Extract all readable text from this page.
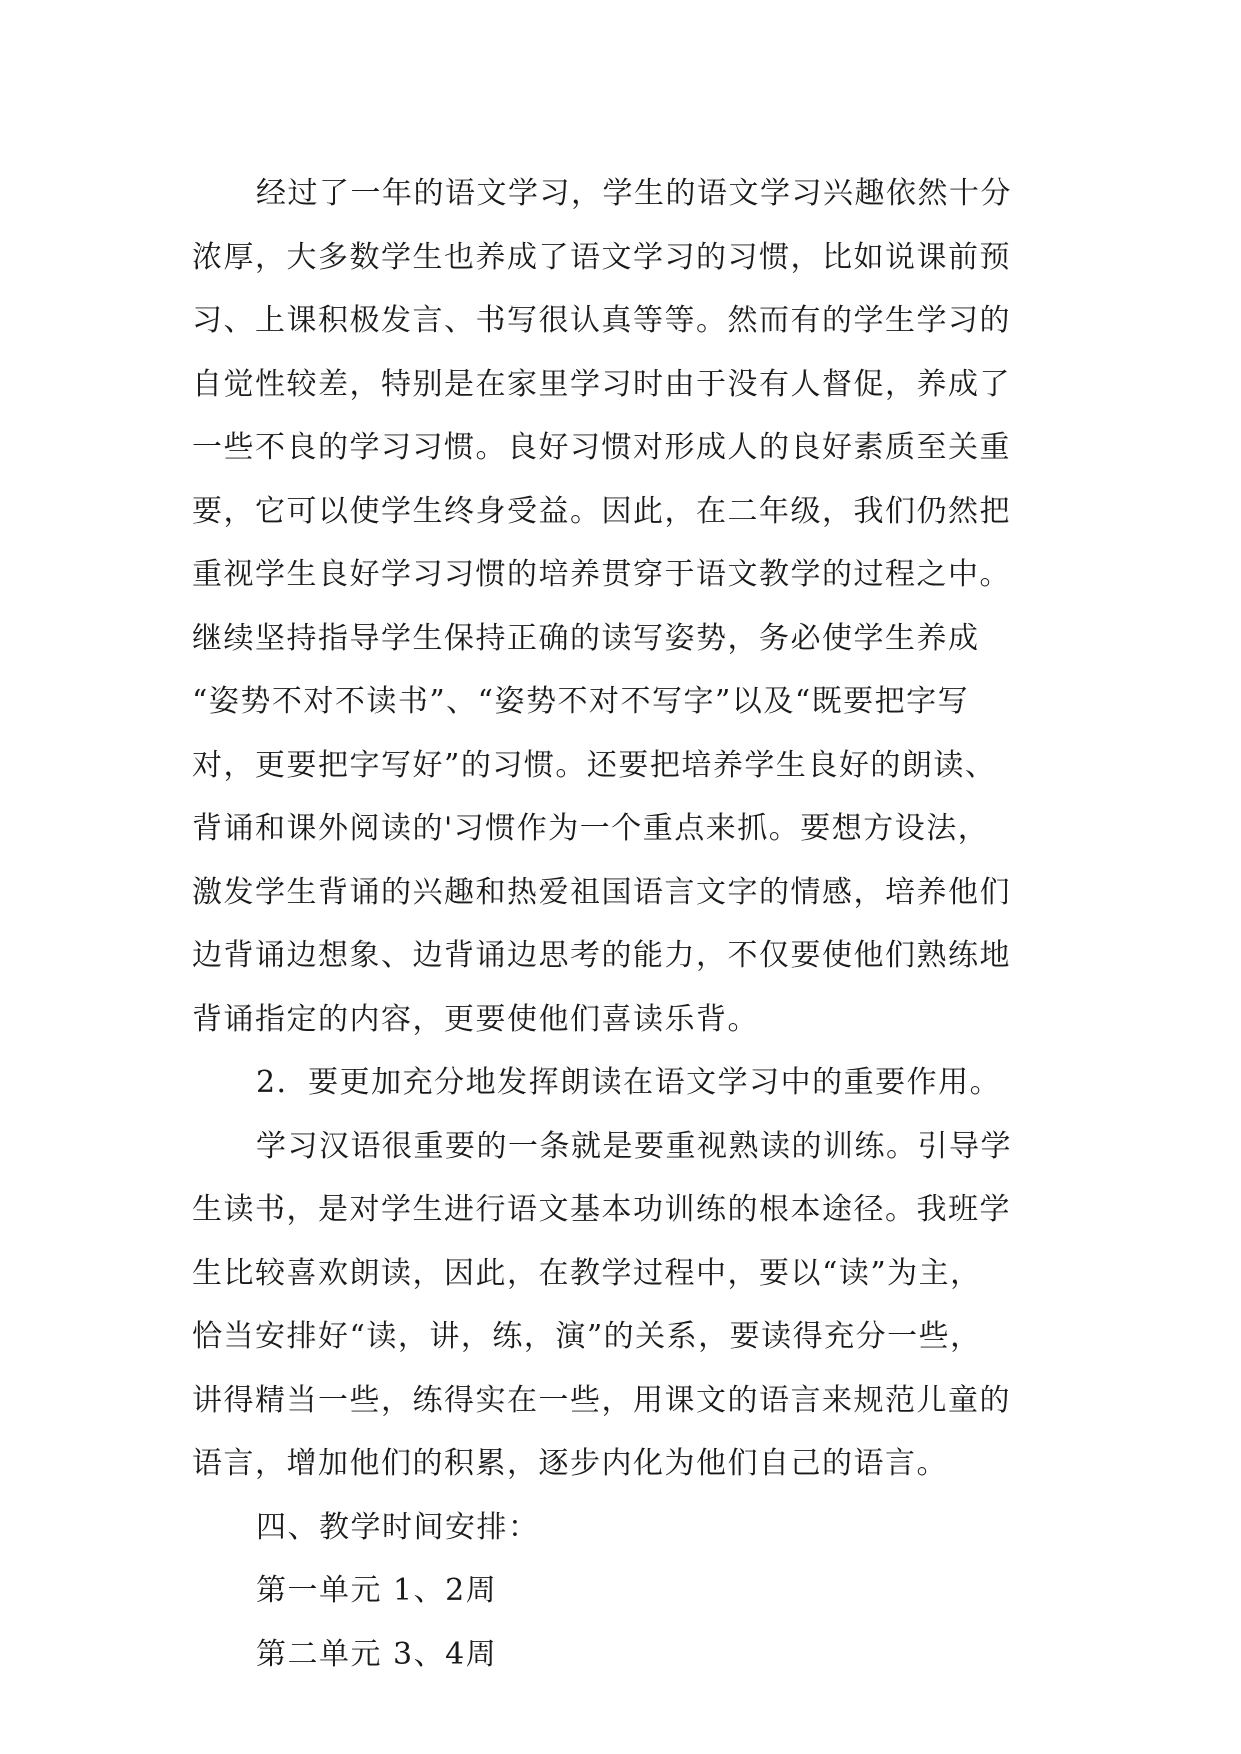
经过了一年的语文学习，学生的语文学习兴趣依然十分
浓厚，大多数学生也养成了语文学习的习惯，比如说课前预
习、上课积极发言、书写很认真等等。然而有的学生学习的
自觉性较差，特别是在家里学习时由于没有人督促，养成了
一些不良的学习习惯。良好习惯对形成人的良好素质至关重
要，它可以使学生终身受益。因此，在二年级，我们仍然把
重视学生良好学习习惯的培养贯穿于语文教学的过程之中。
继续坚持指导学生保持正确的读写姿势，务必使学生养成
“姿势不对不读书”、“姿势不对不写字”以及“既要把字写
对，更要把字写好”的习惯。还要把培养学生良好的朗读、
背诵和课外阅读的'习惯作为一个重点来抓。要想方设法，
激发学生背诵的兴趣和热爱祖国语言文字的情感，培养他们
边背诵边想象、边背诵边思考的能力，不仅要使他们熟练地
背诵指定的内容，更要使他们喜读乐背。
2．要更加充分地发挥朗读在语文学习中的重要作用。
学习汉语很重要的一条就是要重视熟读的训练。引导学
生读书，是对学生进行语文基本功训练的根本途径。我班学
生比较喜欢朗读，因此，在教学过程中，要以“读”为主，
恰当安排好“读，讲，练，演”的关系，要读得充分一些，
讲得精当一些，练得实在一些，用课文的语言来规范儿童的
语言，增加他们的积累，逐步内化为他们自己的语言。
四、教学时间安排：
第一单元 1、2周
第二单元 3、4周
